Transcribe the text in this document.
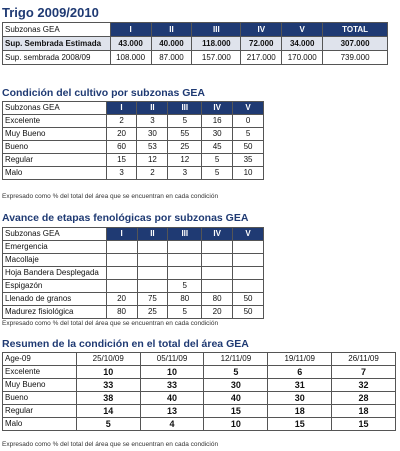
Trigo 2009/2010
Subzonas GEA	I	II	III	IV	V	TOTAL
Sup. Sembrada Estimada	43.000	40.000	118.000	72.000	34.000	307.000
Sup. sembrada 2008/09	108.000	87.000	157.000	217.000	170.000	739.000
Condición del cultivo por subzonas GEA
Subzonas GEA	I	II	III	IV	V
Excelente	2	3	5	16	0
Muy Bueno	20	30	55	30	5
Bueno	60	53	25	45	50
Regular	15	12	12	5	35
Malo	3	2	3	5	10
Expresado como % del total del área que se encuentran en cada condición
Avance de etapas fenológicas por subzonas GEA
Subzonas GEA	I	II	III	IV	V
Emergencia					
Macollaje					
Hoja Bandera Desplegada					
Espigazón			5		
Llenado de granos	20	75	80	80	50
Madurez fisiológica	80	25	5	20	50
Expresado como % del total del área que se encuentran en cada condición
Resumen de la condición en el total del área GEA
Age-09	25/10/09	05/11/09	12/11/09	19/11/09	26/11/09
Excelente	10	10	5	6	7
Muy Bueno	33	33	30	31	32
Bueno	38	40	40	30	28
Regular	14	13	15	18	18
Malo	5	4	10	15	15
Expresado como % del total del área que se encuentran en cada condición
